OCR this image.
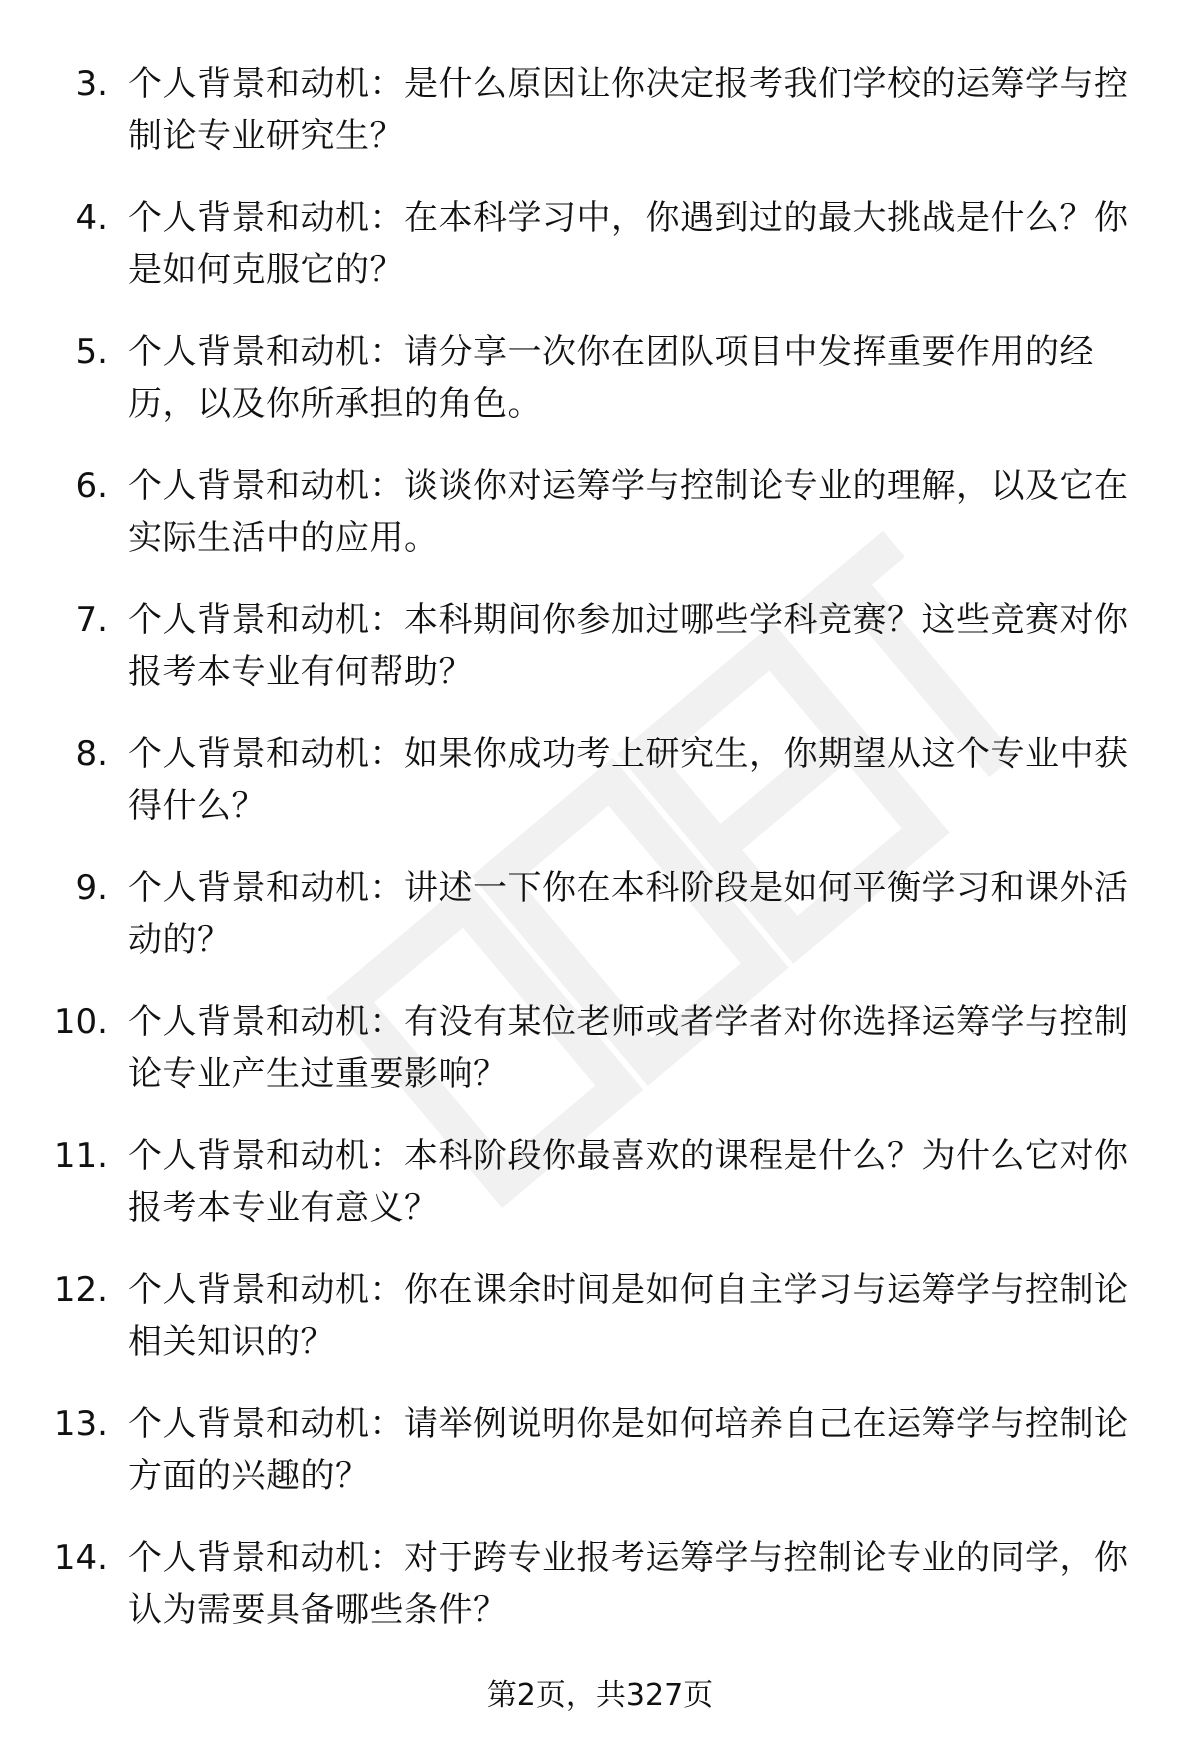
3. 个人背景和动机：是什么原因让你决定报考我们学校的运筹学与控制论专业研究生？
4. 个人背景和动机：在本科学习中，你遇到过的最大挑战是什么？你是如何克服它的？
5. 个人背景和动机：请分享一次你在团队项目中发挥重要作用的经历，以及你所承担的角色。
6. 个人背景和动机：谈谈你对运筹学与控制论专业的理解，以及它在实际生活中的应用。
7. 个人背景和动机：本科期间你参加过哪些学科竞赛？这些竞赛对你报考本专业有何帮助？
8. 个人背景和动机：如果你成功考上研究生，你期望从这个专业中获得什么？
9. 个人背景和动机：讲述一下你在本科阶段是如何平衡学习和课外活动的？
10. 个人背景和动机：有没有某位老师或者学者对你选择运筹学与控制论专业产生过重要影响？
11. 个人背景和动机：本科阶段你最喜欢的课程是什么？为什么它对你报考本专业有意义？
12. 个人背景和动机：你在课余时间是如何自主学习与运筹学与控制论相关知识的？
13. 个人背景和动机：请举例说明你是如何培养自己在运筹学与控制论方面的兴趣的？
14. 个人背景和动机：对于跨专业报考运筹学与控制论专业的同学，你认为需要具备哪些条件？
第2页，共327页
